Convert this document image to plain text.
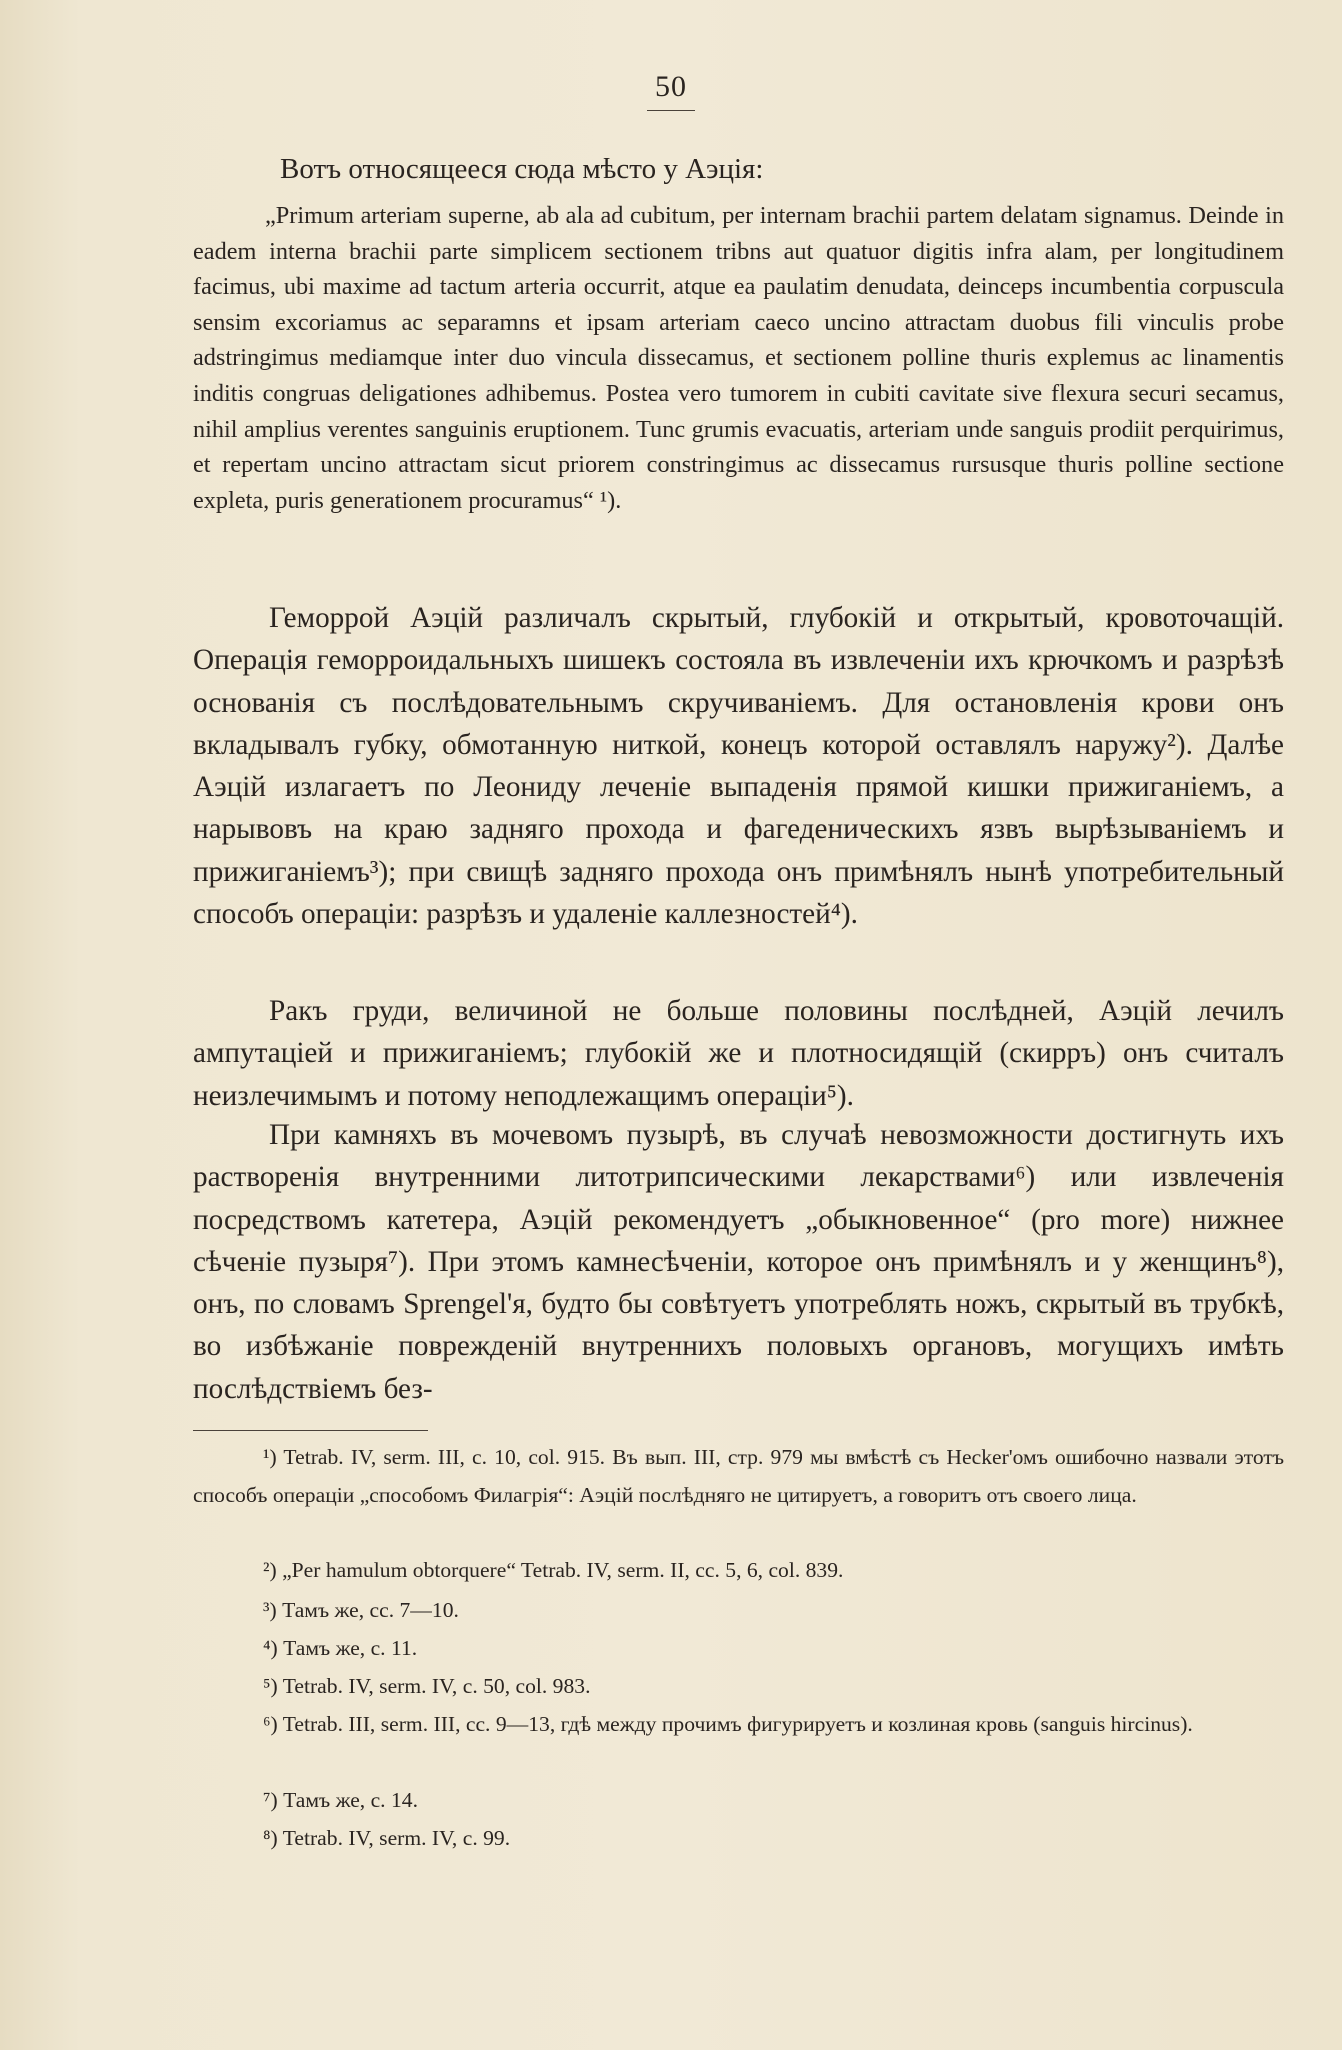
50
Вотъ относящееся сюда мѣсто у Аэція:

„Primum arteriam superne, ab ala ad cubitum, per internam brachii partem delatam signamus. Deinde in eadem interna brachii parte simplicem sectionem tribns aut quatuor digitis infra alam, per longitudinem facimus, ubi maxime ad tactum arteria occurrit, atque ea paulatim denudata, deinceps incumbentia corpuscula sensim excoriamus ac separamns et ipsam arteriam caeco uncino attractam duobus fili vinculis probe adstringimus mediamque inter duo vincula dissecamus, et sectionem polline thuris explemus ac linamentis inditis congruas deligationes adhibemus. Postea vero tumorem in cubiti cavitate sive flexura securi secamus, nihil amplius verentes sanguinis eruptionem. Tunc grumis evacuatis, arteriam unde sanguis prodiit perquirimus, et repertam uncino attractam sicut priorem constringimus ac dissecamus rursusque thuris polline sectione expleta, puris generationem procuramus“ ¹).

Геморрой Аэцій различалъ скрытый, глубокій и открытый, кровоточащій. Операція геморроидальныхъ шишекъ состояла въ извлеченіи ихъ крючкомъ и разрѣзѣ основанія съ послѣдовательнымъ скручиваніемъ. Для остановленія крови онъ вкладывалъ губку, обмотанную ниткой, конецъ которой оставлялъ наружу²). Далѣе Аэцій излагаетъ по Леониду леченіе выпаденія прямой кишки прижиганіемъ, а нарывовъ на краю задняго прохода и фагеденическихъ язвъ вырѣзываніемъ и прижиганіемъ³); при свищѣ задняго прохода онъ примѣнялъ нынѣ употребительный способъ операціи: разрѣзъ и удаленіе каллезностей⁴).

Ракъ груди, величиной не больше половины послѣдней, Аэцій лечилъ ампутаціей и прижиганіемъ; глубокій же и плотносидящій (скирръ) онъ считалъ неизлечимымъ и потому неподлежащимъ операціи⁵).

При камняхъ въ мочевомъ пузырѣ, въ случаѣ невозможности достигнуть ихъ растворенія внутренними литотрипсическими лекарствами⁶) или извлеченія посредствомъ катетера, Аэцій рекомендуетъ „обыкновенное“ (pro more) нижнее сѣченіе пузыря⁷). При этомъ камнесѣченіи, которое онъ примѣнялъ и у женщинъ⁸), онъ, по словамъ Sprengel'я, будто бы совѣтуетъ употреблять ножъ, скрытый въ трубкѣ, во избѣжаніе поврежденій внутреннихъ половыхъ органовъ, могущихъ имѣть послѣдствіемъ без-

¹) Tetrab. IV, serm. III, c. 10, col. 915. Въ вып. III, стр. 979 мы вмѣстѣ съ Hecker'омъ ошибочно назвали этотъ способъ операціи „способомъ Филагрія“: Аэцій послѣдняго не цитируетъ, а говоритъ отъ своего лица.

²) „Per hamulum obtorquere“ Tetrab. IV, serm. II, cc. 5, 6, col. 839.

³) Тамъ же, cc. 7—10.

⁴) Тамъ же, c. 11.

⁵) Tetrab. IV, serm. IV, c. 50, col. 983.

⁶) Tetrab. III, serm. III, cc. 9—13, гдѣ между прочимъ фигурируетъ и козлиная кровь (sanguis hircinus).

⁷) Тамъ же, c. 14.

⁸) Tetrab. IV, serm. IV, c. 99.
